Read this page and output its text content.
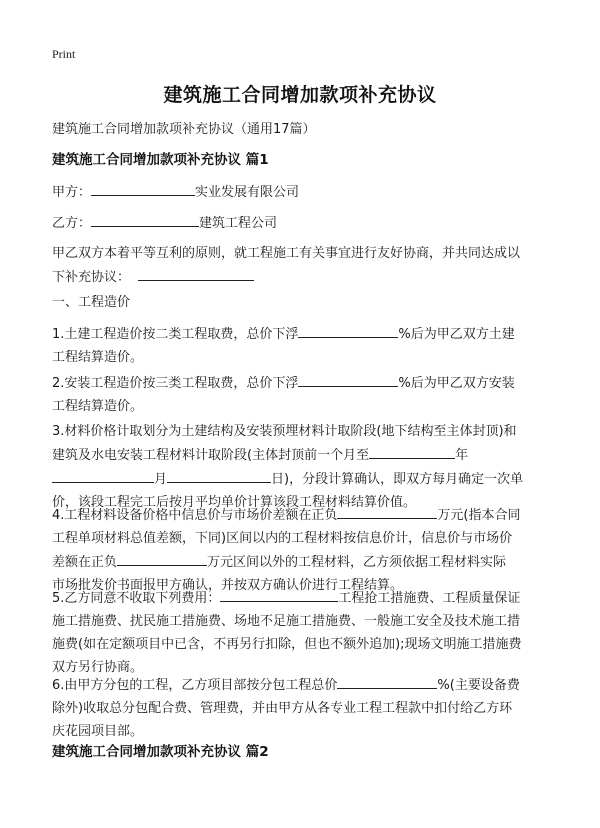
Print
建筑施工合同增加款项补充协议
建筑施工合同增加款项补充协议（通用17篇）
建筑施工合同增加款项补充协议 篇1
甲方：	实业发展有限公司
乙方：	建筑工程公司
甲乙双方本着平等互利的原则，就工程施工有关事宜进行友好协商，并共同达成以
下补充协议：
一、工程造价
1.土建工程造价按二类工程取费，总价下浮	%后为甲乙双方土建
工程结算造价。
2.安装工程造价按三类工程取费，总价下浮	%后为甲乙双方安装
工程结算造价。
3.材料价格计取划分为土建结构及安装预埋材料计取阶段(地下结构至主体封顶)和
建筑及水电安装工程材料计取阶段(主体封顶前一个月至	年
月	日)，分段计算确认，即双方每月确定一次单
价，该段工程完工后按月平均单价计算该段工程材料结算价值。
4.工程材料设备价格中信息价与市场价差额在正负	万元(指本合同
工程单项材料总值差额，下同)区间以内的工程材料按信息价计，信息价与市场价
差额在正负	万元区间以外的工程材料，乙方须依据工程材料实际
市场批发价书面报甲方确认，并按双方确认价进行工程结算。
5.乙方同意不收取下列费用：	工程抢工措施费、工程质量保证
施工措施费、扰民施工措施费、场地不足施工措施费、一般施工安全及技术施工措
施费(如在定额项目中已含，不再另行扣除，但也不额外追加);现场文明施工措施费
双方另行协商。
6.由甲方分包的工程，乙方项目部按分包工程总价	%(主要设备费
除外)收取总分包配合费、管理费，并由甲方从各专业工程工程款中扣付给乙方环
庆花园项目部。
建筑施工合同增加款项补充协议 篇2
